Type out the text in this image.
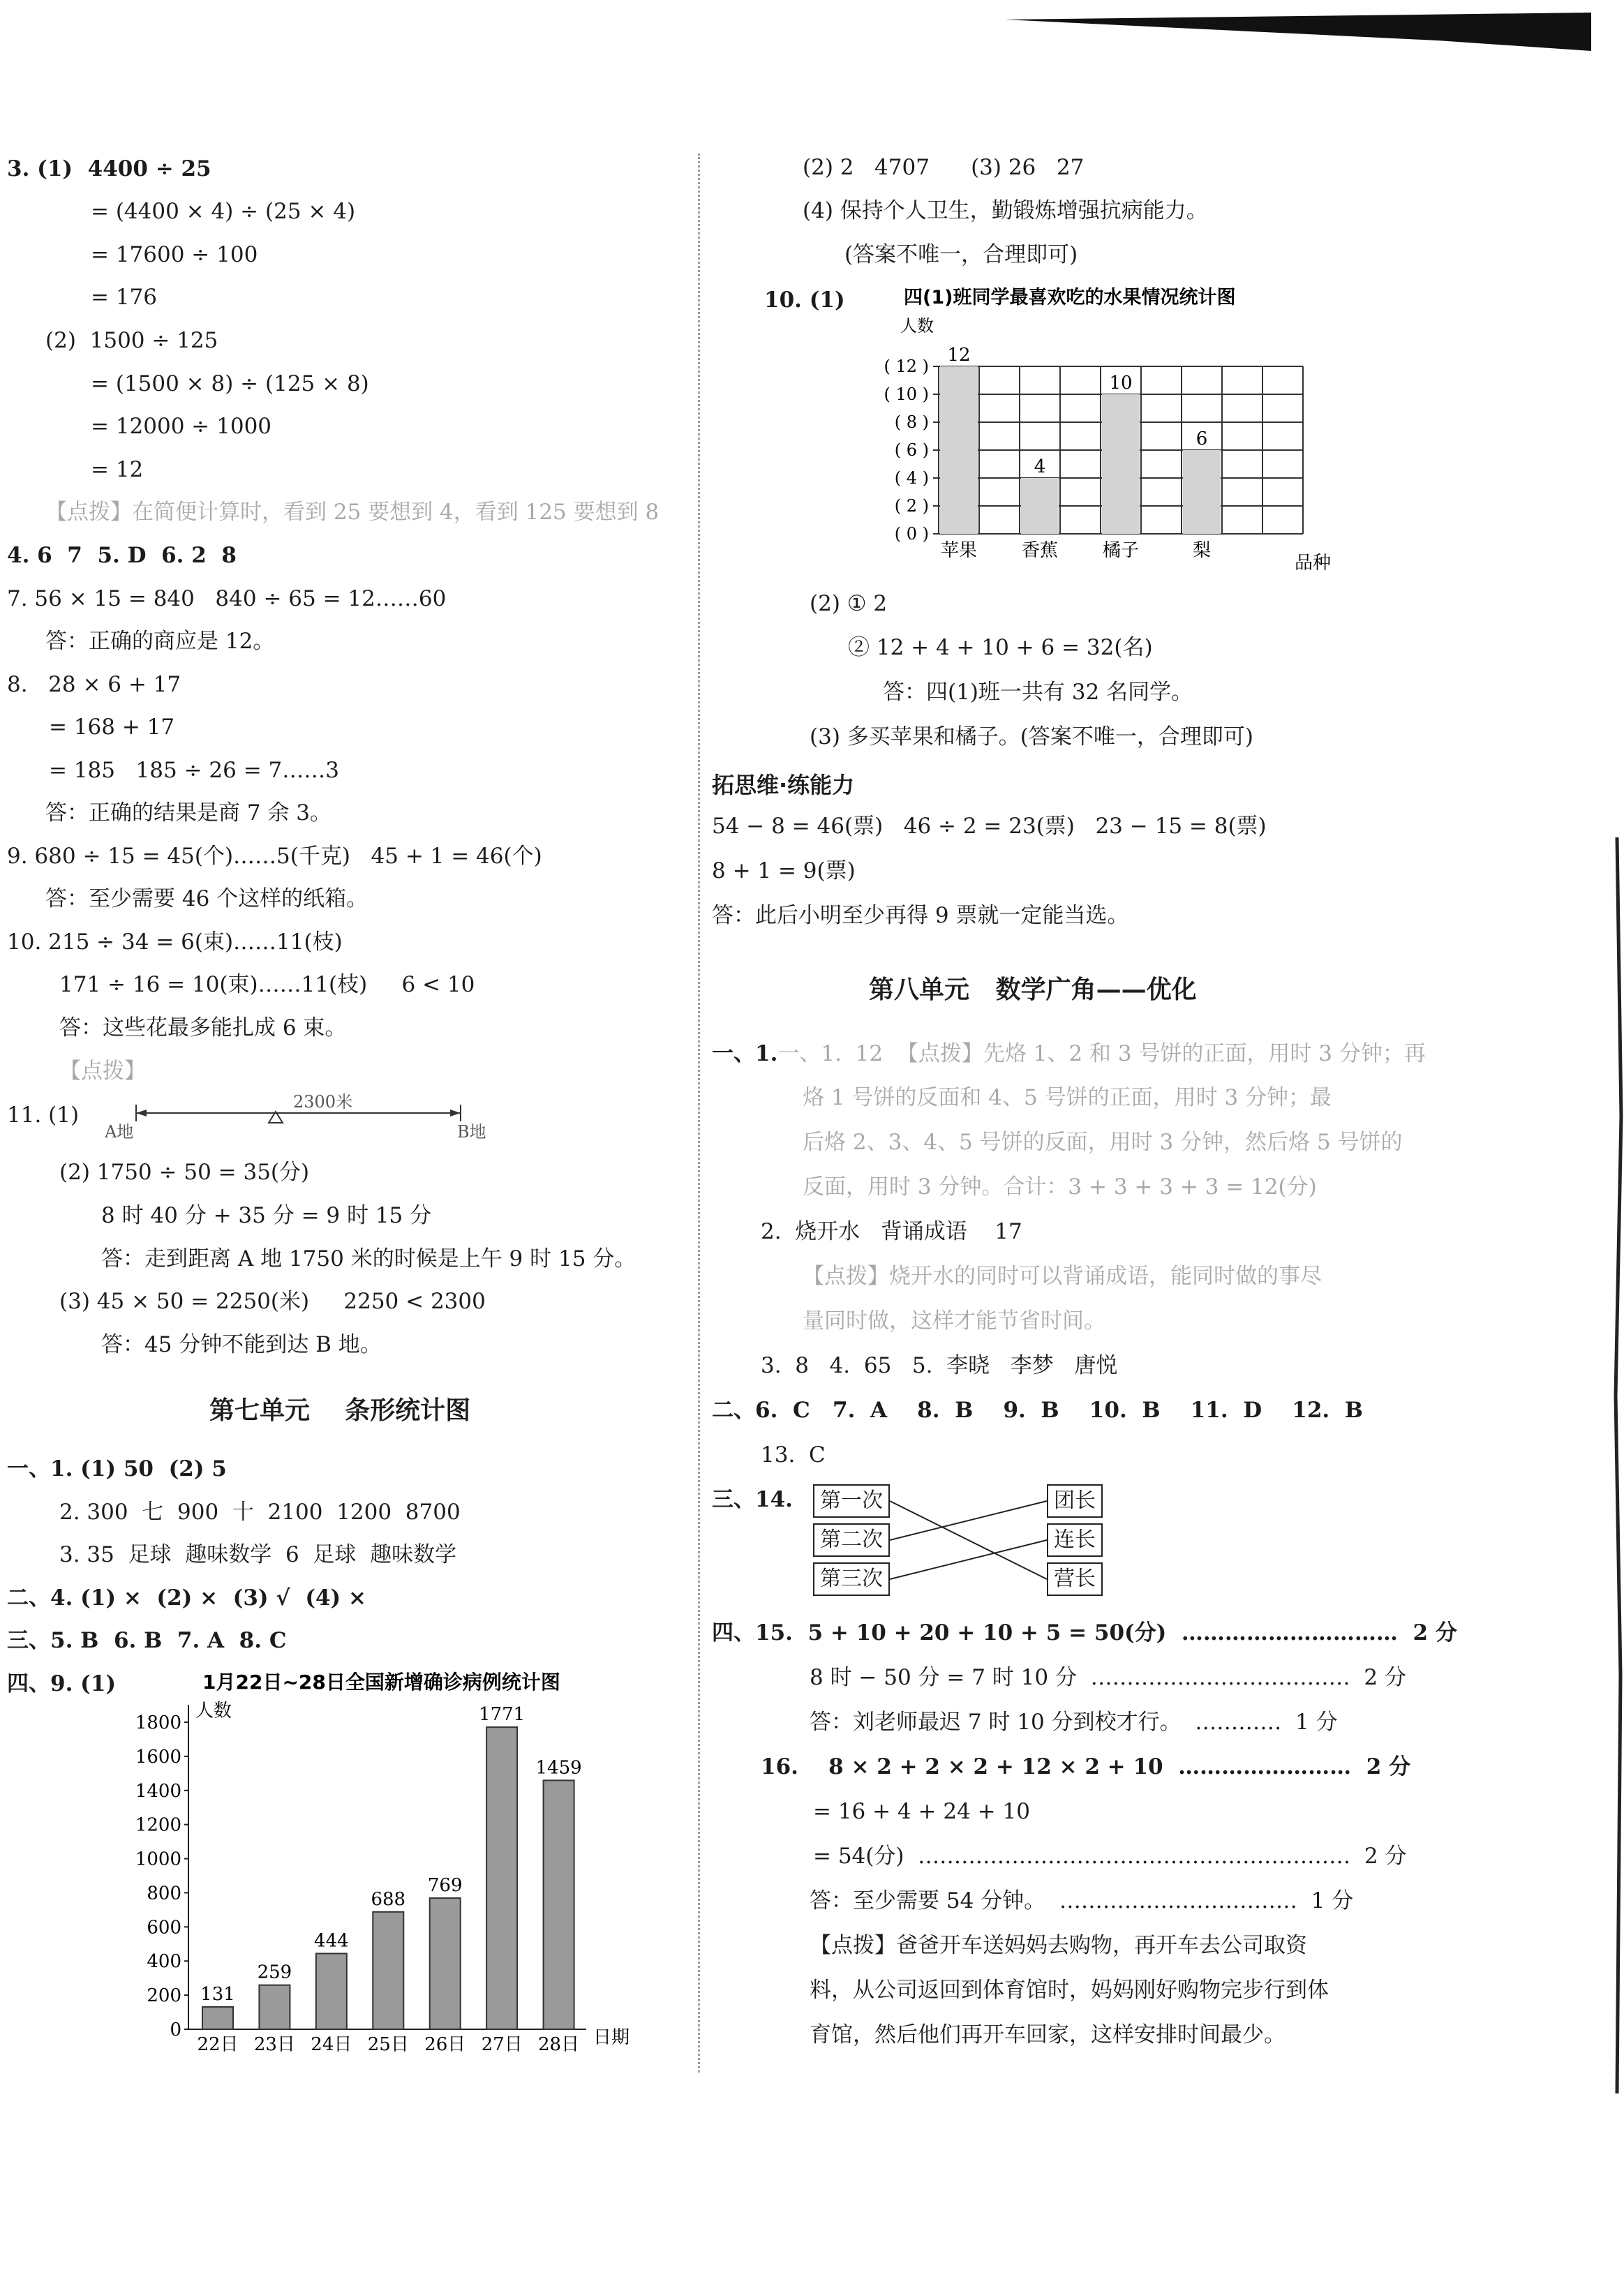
3. (1)  4400 ÷ 25
= (4400 × 4) ÷ (25 × 4)
= 17600 ÷ 100
= 176
(2)  1500 ÷ 125
= (1500 × 8) ÷ (125 × 8)
= 12000 ÷ 1000
= 12
【点拨】在简便计算时，看到 25 要想到 4，看到 125 要想到 8
4. 6  7  5. D  6. 2  8
7. 56 × 15 = 840   840 ÷ 65 = 12……60
答：正确的商应是 12。
8.   28 × 6 + 17
= 168 + 17
= 185   185 ÷ 26 = 7……3
答：正确的结果是商 7 余 3。
9. 680 ÷ 15 = 45(个)……5(千克)   45 + 1 = 46(个)
答：至少需要 46 个这样的纸箱。
10. 215 ÷ 34 = 6(束)……11(枝)
171 ÷ 16 = 10(束)……11(枝)     6 < 10
答：这些花最多能扎成 6 束。
【点拨】
11. (1)
2300米
A地	B地
(2) 1750 ÷ 50 = 35(分)
8 时 40 分 + 35 分 = 9 时 15 分
答：走到距离 A 地 1750 米的时候是上午 9 时 15 分。
(3) 45 × 50 = 2250(米)     2250 < 2300
答：45 分钟不能到达 B 地。
第七单元    条形统计图
一、1. (1) 50  (2) 5
2. 300  七  900  十  2100  1200  8700
3. 35  足球  趣味数学  6  足球  趣味数学
二、4. (1) ×  (2) ×  (3) √  (4) ×
三、5. B  6. B  7. A  8. C
四、9. (1)	1月22日~28日全国新增确诊病例统计图
人数
日期
0
200
400
600
800
1000
1200
1400
1600
1800
131
22日
259
23日
444
24日
688
25日
769
26日
1771
27日
1459
28日
(2) 2   4707      (3) 26   27
(4) 保持个人卫生，勤锻炼增强抗病能力。
(答案不唯一，合理即可)
10. (1)	四(1)班同学最喜欢吃的水果情况统计图
人数
品种
( 0 )
( 2 )
( 4 )
( 6 )
( 8 )
( 10 )
( 12 )
12
苹果
4
香蕉
10
橘子
6
梨
(2) ① 2
② 12 + 4 + 10 + 6 = 32(名)
答：四(1)班一共有 32 名同学。
(3) 多买苹果和橘子。(答案不唯一，合理即可)
拓思维·练能力
54 − 8 = 46(票)   46 ÷ 2 = 23(票)   23 − 15 = 8(票)
8 + 1 = 9(票)
答：此后小明至少再得 9 票就一定能当选。
第八单元   数学广角——优化
一、1.一、1.  12  【点拨】先烙 1、2 和 3 号饼的正面，用时 3 分钟；再
烙 1 号饼的反面和 4、5 号饼的正面，用时 3 分钟；最
后烙 2、3、4、5 号饼的反面，用时 3 分钟，然后烙 5 号饼的
反面，用时 3 分钟。合计：3 + 3 + 3 + 3 = 12(分)
2.  烧开水   背诵成语    17
【点拨】烧开水的同时可以背诵成语，能同时做的事尽
量同时做，这样才能节省时间。
3.  8   4.  65   5.  李晓   李梦   唐悦
二、6.  C   7.  A    8.  B    9.  B    10.  B    11.  D    12.  B
13.  C
三、14.	第一次
第二次
第三次
团长
连长
营长
四、15.  5 + 10 + 20 + 10 + 5 = 50(分)  …………………………  2 分
8 时 − 50 分 = 7 时 10 分  ………………………………  2 分
答：刘老师最迟 7 时 10 分到校才行。  …………  1 分
16.    8 × 2 + 2 × 2 + 12 × 2 + 10  ……………………  2 分
= 16 + 4 + 24 + 10
= 54(分)  ……………………………………………………  2 分
答：至少需要 54 分钟。  ……………………………  1 分
【点拨】爸爸开车送妈妈去购物，再开车去公司取资
料，从公司返回到体育馆时，妈妈刚好购物完步行到体
育馆，然后他们再开车回家，这样安排时间最少。
